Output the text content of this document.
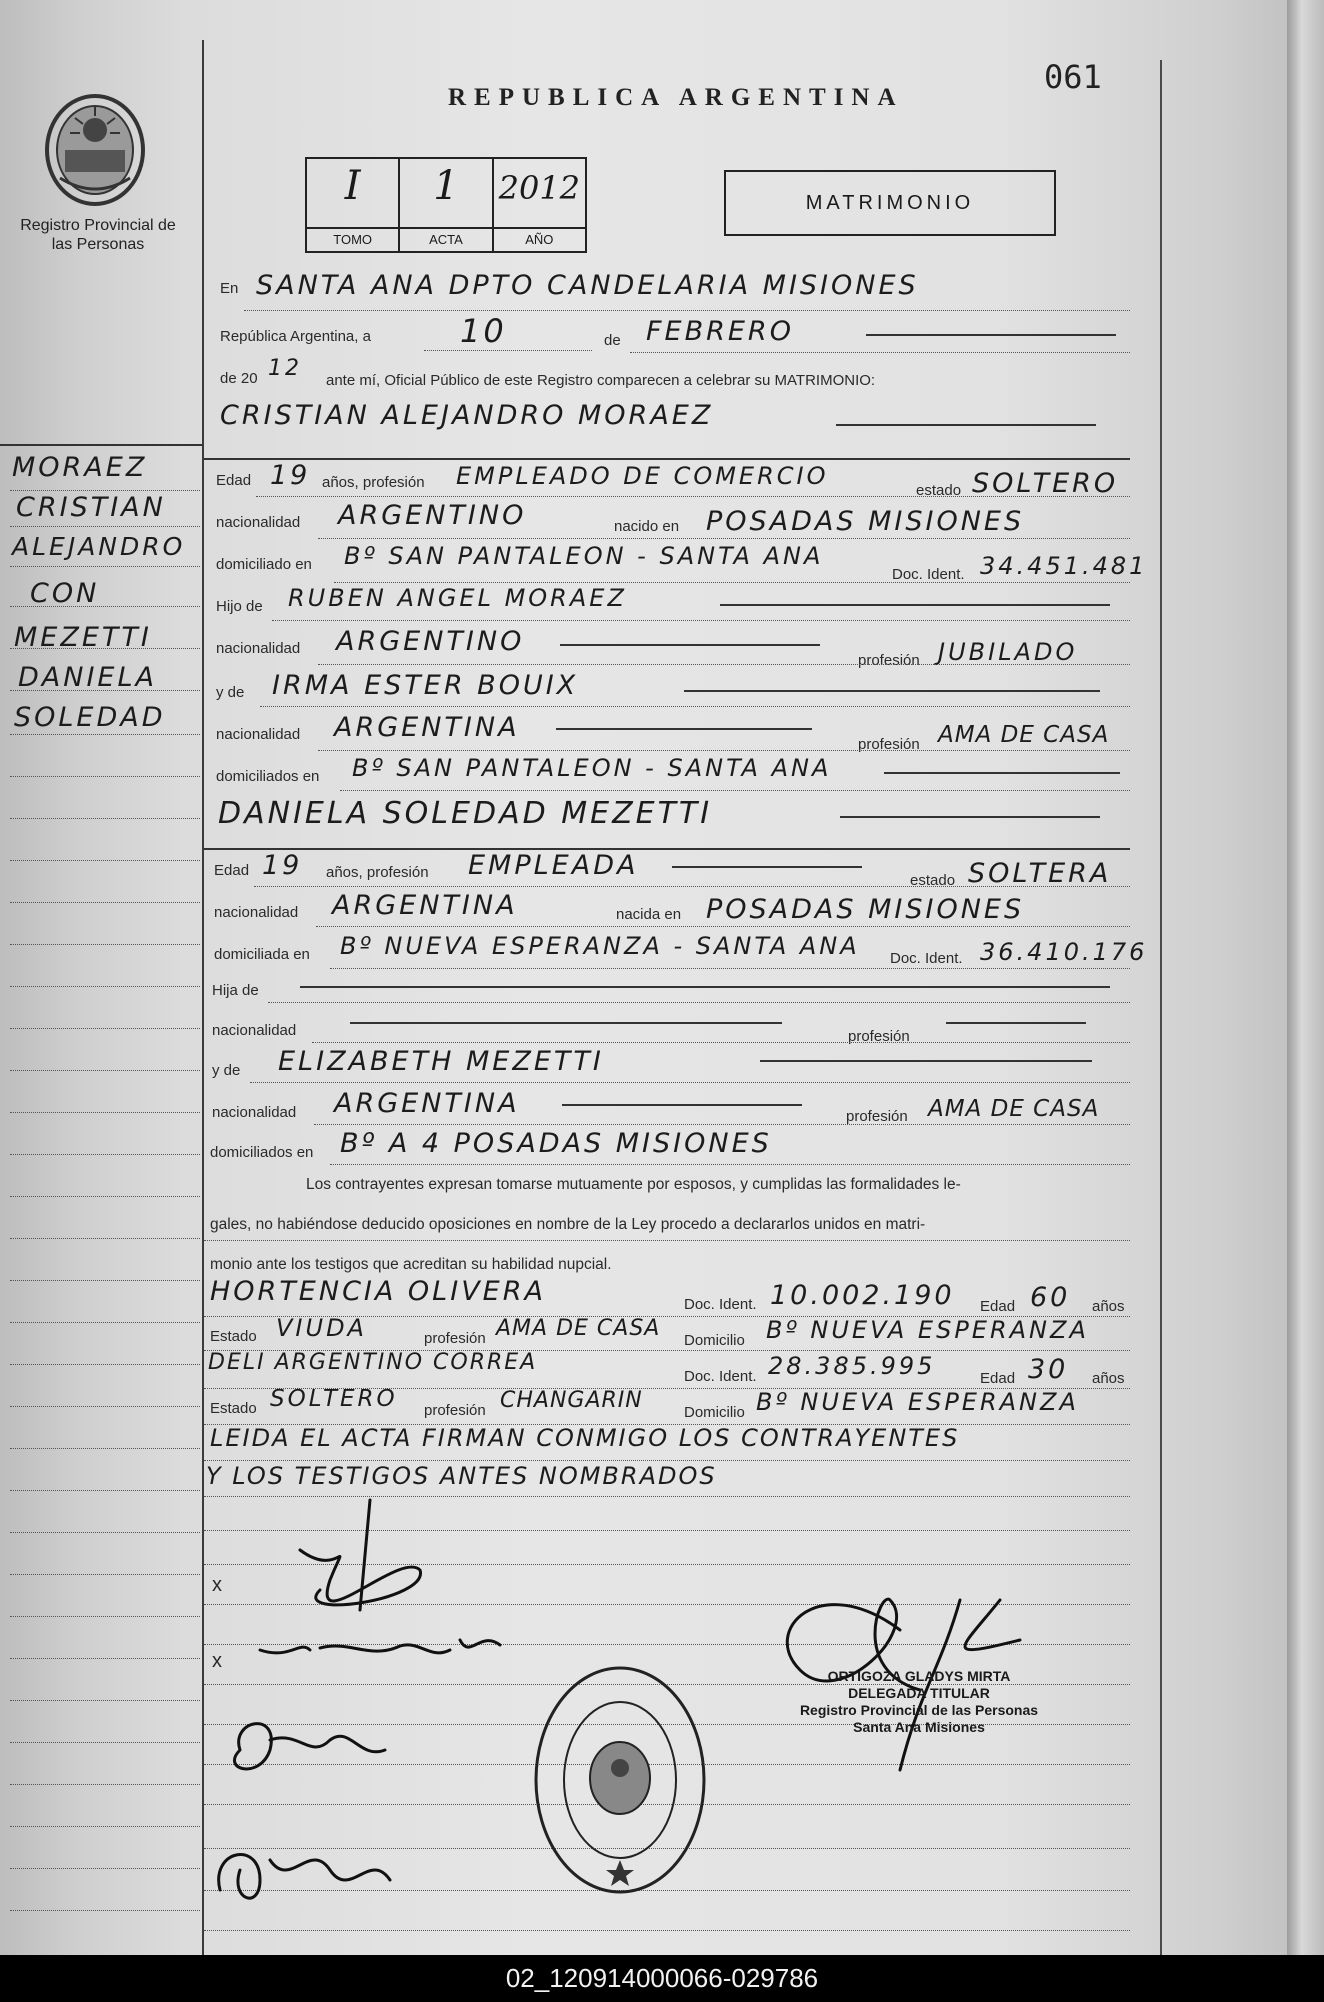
Registro Provincial de las Personas
REPUBLICA ARGENTINA
061
I
TOMO
1
ACTA
2012
AÑO
MATRIMONIO
MORAEZ
CRISTIAN
ALEJANDRO
CON
MEZETTI
DANIELA
SOLEDAD
En SANTA ANA DPTO CANDELARIA MISIONES
República Argentina, a	10	de FEBRERO
de 20 12 ante mí, Oficial Público de este Registro comparecen a celebrar su MATRIMONIO:
CRISTIAN ALEJANDRO MORAEZ
Edad 19 años, profesión EMPLEADO DE COMERCIO
estado SOLTERO
nacionalidad ARGENTINO	nacido en POSADAS MISIONES
domiciliado en Bº SAN PANTALEON - SANTA ANA
Doc. Ident. 34.451.481
Hijo de RUBEN ANGEL MORAEZ
nacionalidad ARGENTINO
profesión JUBILADO
y de IRMA ESTER BOUIX
nacionalidad ARGENTINA
profesión AMA DE CASA
domiciliados en Bº SAN PANTALEON - SANTA ANA
DANIELA SOLEDAD MEZETTI
Edad 19 años, profesión EMPLEADA	estado SOLTERA
nacionalidad ARGENTINA	nacida en POSADAS MISIONES
domiciliada en Bº NUEVA ESPERANZA - SANTA ANA Doc. Ident. 36.410.176
Hija de
nacionalidad	profesión
y de ELIZABETH MEZETTI
nacionalidad ARGENTINA	profesión AMA DE CASA
domiciliados en Bº A 4 POSADAS MISIONES
Los contrayentes expresan tomarse mutuamente por esposos, y cumplidas las formalidades le-
gales, no habiéndose deducido oposiciones en nombre de la Ley procedo a declararlos unidos en matri-
monio ante los testigos que acreditan su habilidad nupcial.
HORTENCIA OLIVERA	Doc. Ident. 10.002.190 Edad 60 años
Estado VIUDA	profesión AMA DE CASA Domicilio Bº NUEVA ESPERANZA
DELI ARGENTINO CORREA
Doc. Ident. 28.385.995	Edad 30 años
Estado SOLTERO profesión CHANGARIN	Domicilio Bº NUEVA ESPERANZA
LEIDA EL ACTA FIRMAN CONMIGO LOS CONTRAYENTES
Y LOS TESTIGOS ANTES NOMBRADOS
x
x
ORTIGOZA GLADYS MIRTA
DELEGADA TITULAR
Registro Provincial de las Personas
Santa Ana Misiones
02_120914000066-029786
